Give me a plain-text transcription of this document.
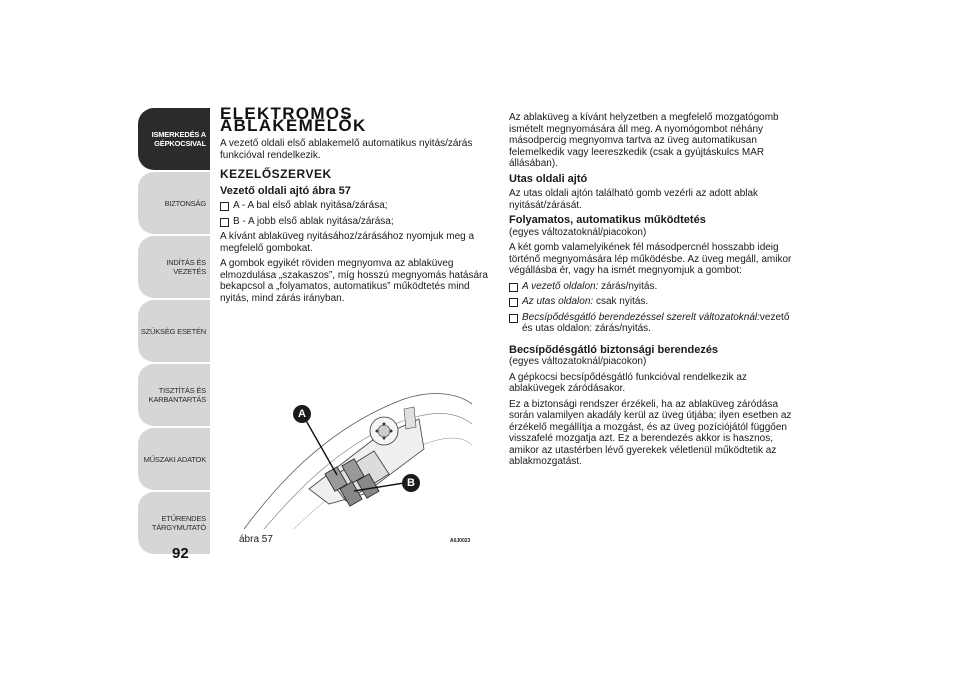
ISMERKEDÉS A GÉPKOCSIVAL
BIZTONSÁG
INDÍTÁS ÉS VEZETÉS
SZÜKSÉG ESETÉN
TISZTÍTÁS ÉS KARBANTARTÁS
MŰSZAKI ADATOK
ETŰRENDES TÁRGYMUTATÓ
92
ELEKTROMOS ABLAKEMELŐK

A vezető oldali első ablakemelő automatikus nyitás/zárás funkcióval rendelkezik.

KEZELŐSZERVEK
Vezető oldali ajtó ábra 57
A - A bal első ablak nyitása/zárása;
B - A jobb első ablak nyitása/zárása;

A kívánt ablaküveg nyitásához/zárásához nyomjuk meg a megfelelő gombokat.

A gombok egyikét röviden megnyomva az ablaküveg elmozdulása „szakaszos”, míg hosszú megnyomás hatására bekapcsol a „folyamatos, automatikus” működtetés mind nyitás, mind zárás irányban.

A
B
ábra 57	A0J0023

Az ablaküveg a kívánt helyzetben a megfelelő mozgatógomb ismételt megnyomására áll meg. A nyomógombot néhány másodpercig megnyomva tartva az üveg automatikusan felemelkedik vagy leereszkedik (csak a gyújtáskulcs MAR állásában).

Utas oldali ajtó

Az utas oldali ajtón található gomb vezérli az adott ablak nyitását/zárását.

Folyamatos, automatikus működtetés

(egyes változatoknál/piacokon)

A két gomb valamelyikének fél másodpercnél hosszabb ideig történő megnyomására lép működésbe. Az üveg megáll, amikor végállásba ér, vagy ha ismét megnyomjuk a gombot:

A vezető oldalon: zárás/nyitás.
Az utas oldalon: csak nyitás.
Becsípődésgátló berendezéssel szerelt változatoknál:vezető és utas oldalon: zárás/nyitás.
Becsípődésgátló biztonsági berendezés

(egyes változatoknál/piacokon)

A gépkocsi becsípődésgátló funkcióval rendelkezik az ablaküvegek záródásakor.

Ez a biztonsági rendszer érzékeli, ha az ablaküveg záródása során valamilyen akadály kerül az üveg útjába; ilyen esetben az érzékelő megállítja a mozgást, és az üveg pozíciójától függően visszafelé mozgatja azt. Ez a berendezés akkor is hasznos, amikor az utastérben lévő gyerekek véletlenül működtetik az ablakmozgatást.
